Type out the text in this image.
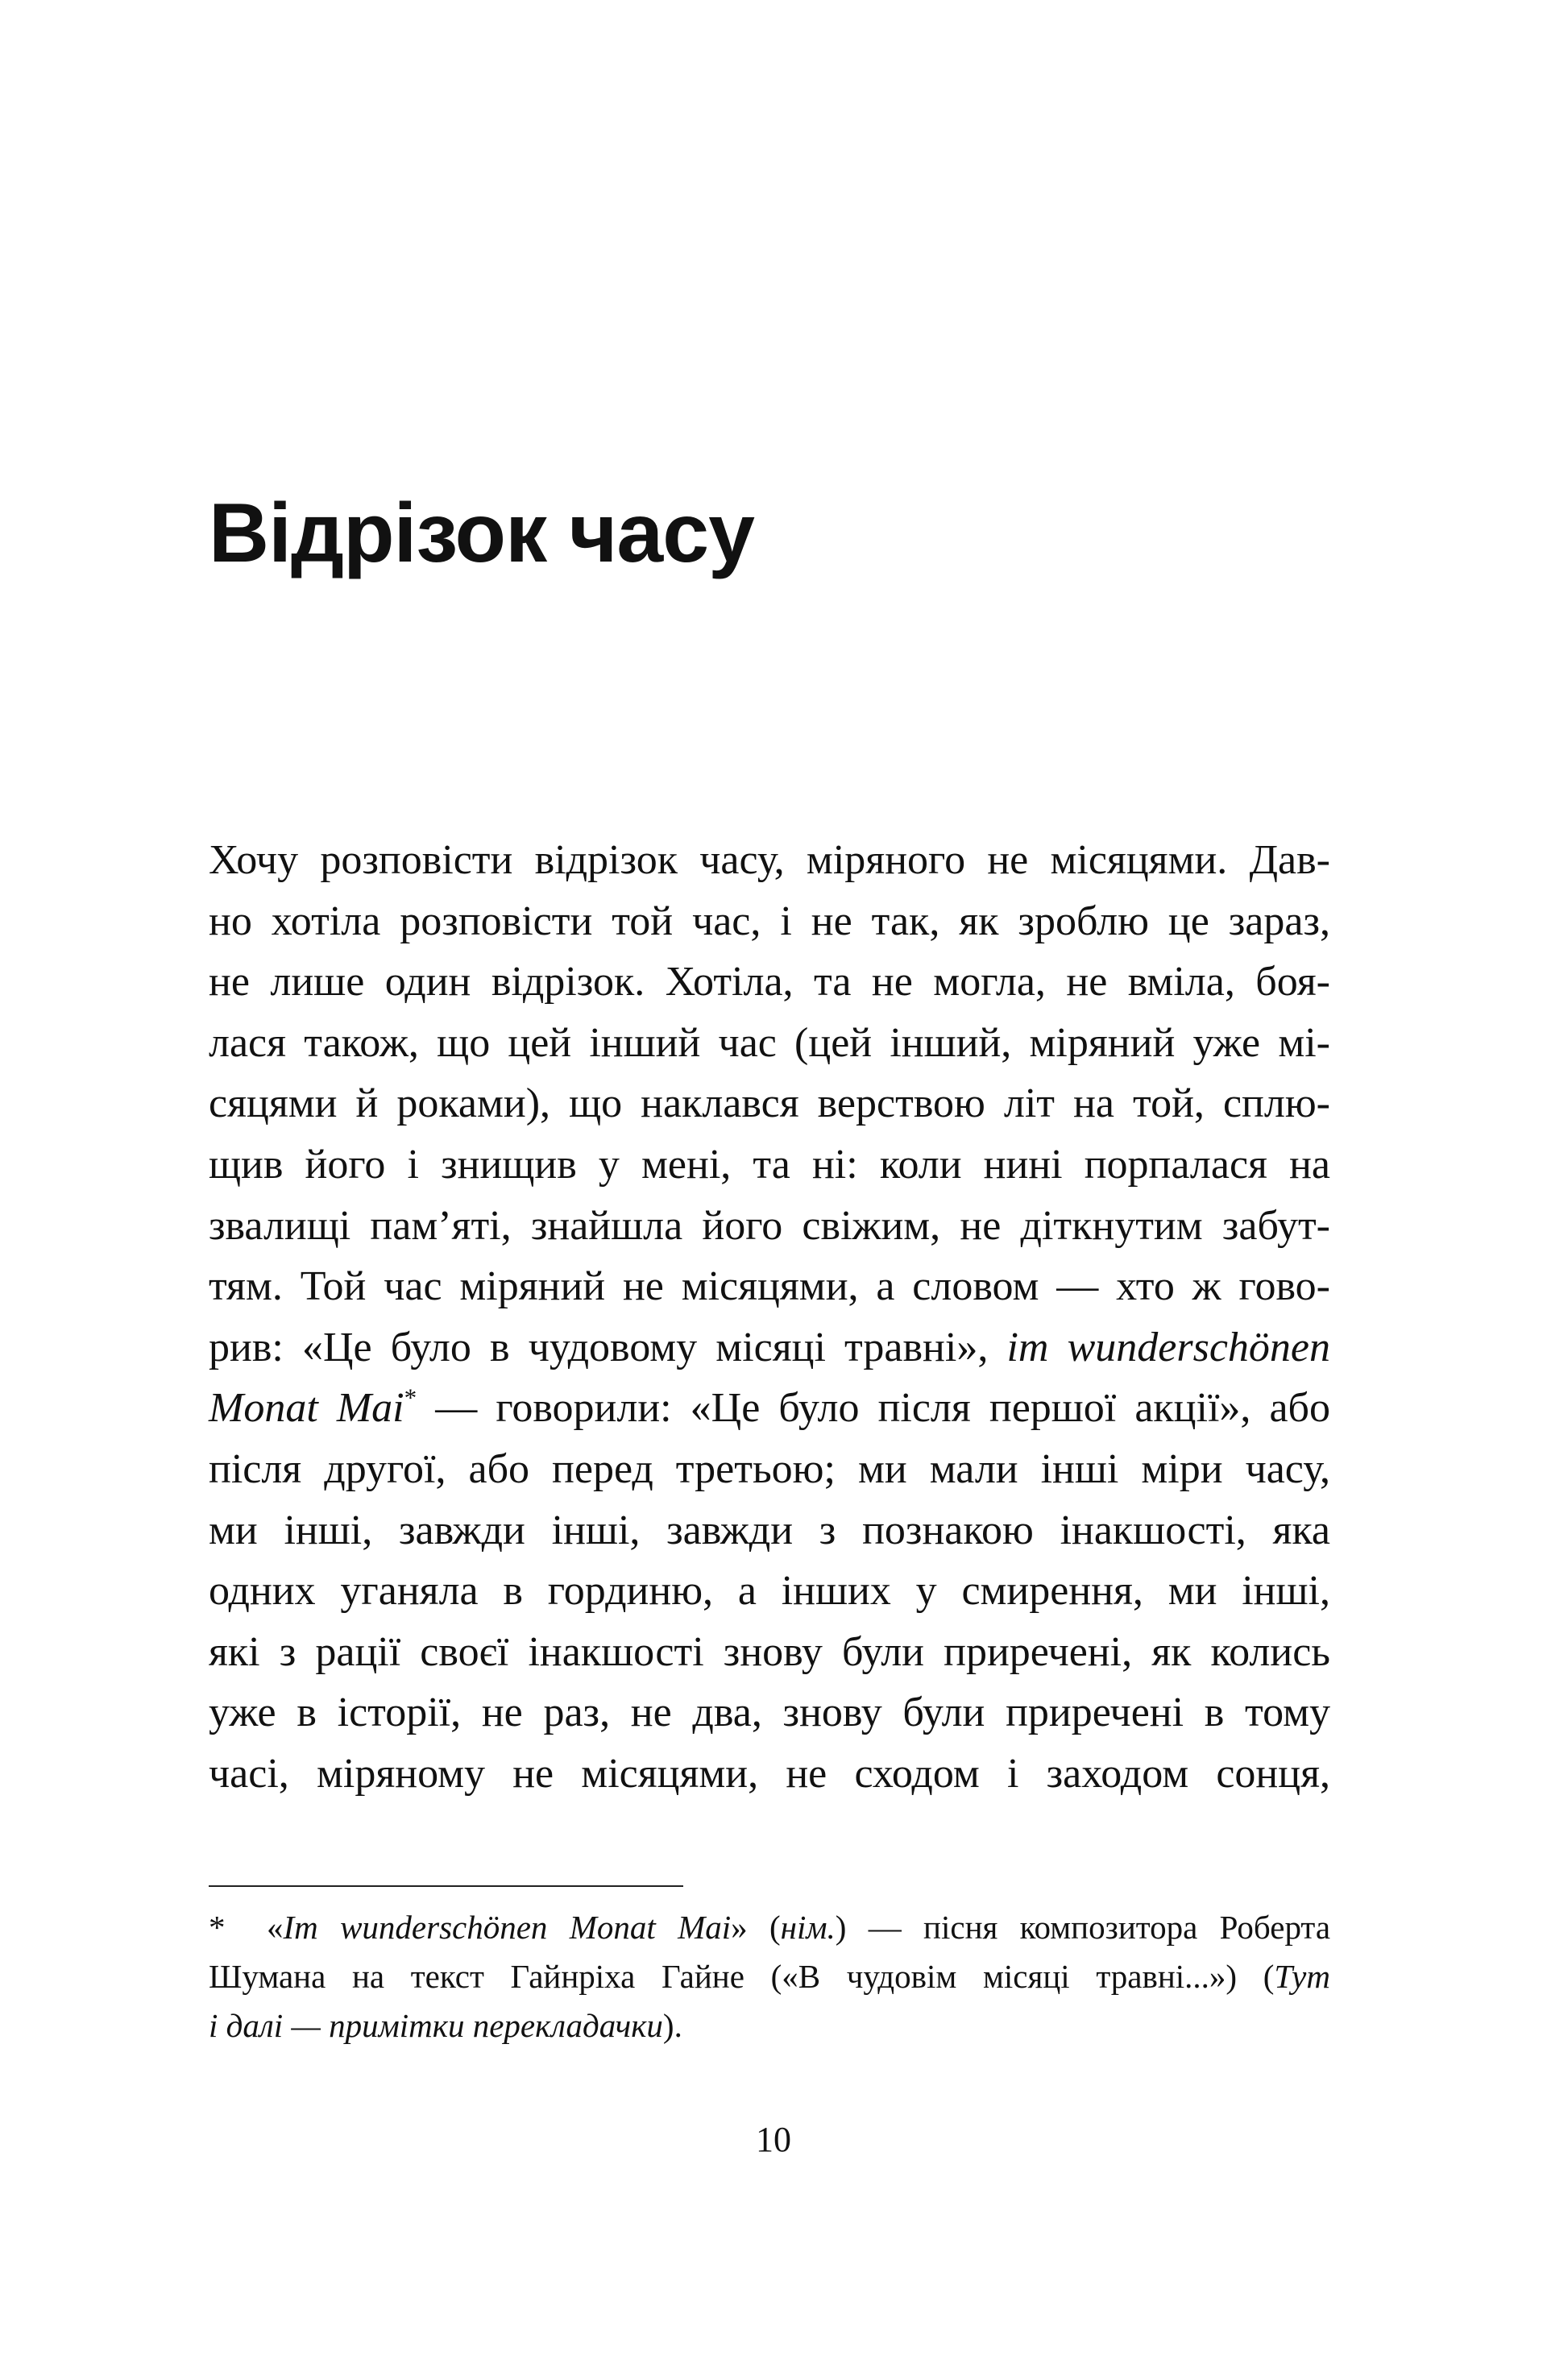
Відрізок часу
Хочу розповісти відрізок часу, міряного не місяцями. Дав-
но хотіла розповісти той час, і не так, як зроблю це зараз,
не лише один відрізок. Хотіла, та не могла, не вміла, боя-
лася також, що цей інший час (цей інший, міряний уже мі-
сяцями й роками), що наклався верствою літ на той, сплю-
щив його і знищив у мені, та ні: коли нині порпалася на
звалищі пам’яті, знайшла його свіжим, не діткнутим забут-
тям. Той час міряний не місяцями, а словом — хто ж гово-
рив: «Це було в чудовому місяці травні», im wunderschönen
Monat Mai* — говорили: «Це було після першої акції», або
після другої, або перед третьою; ми мали інші міри часу,
ми інші, завжди інші, завжди з познакою інакшості, яка
одних уганяла в гординю, а інших у смирення, ми інші,
які з рації своєї інакшості знову були приречені, як колись
уже в історії, не раз, не два, знову були приречені в тому
часі, міряному не місяцями, не сходом і заходом сонця,
* «Im wunderschönen Monat Mai» (нім.) — пісня композитора Роберта
Шумана на текст Гайнріха Гайне («В чудовім місяці травні...») (Тут
і далі — примітки перекладачки).
10
